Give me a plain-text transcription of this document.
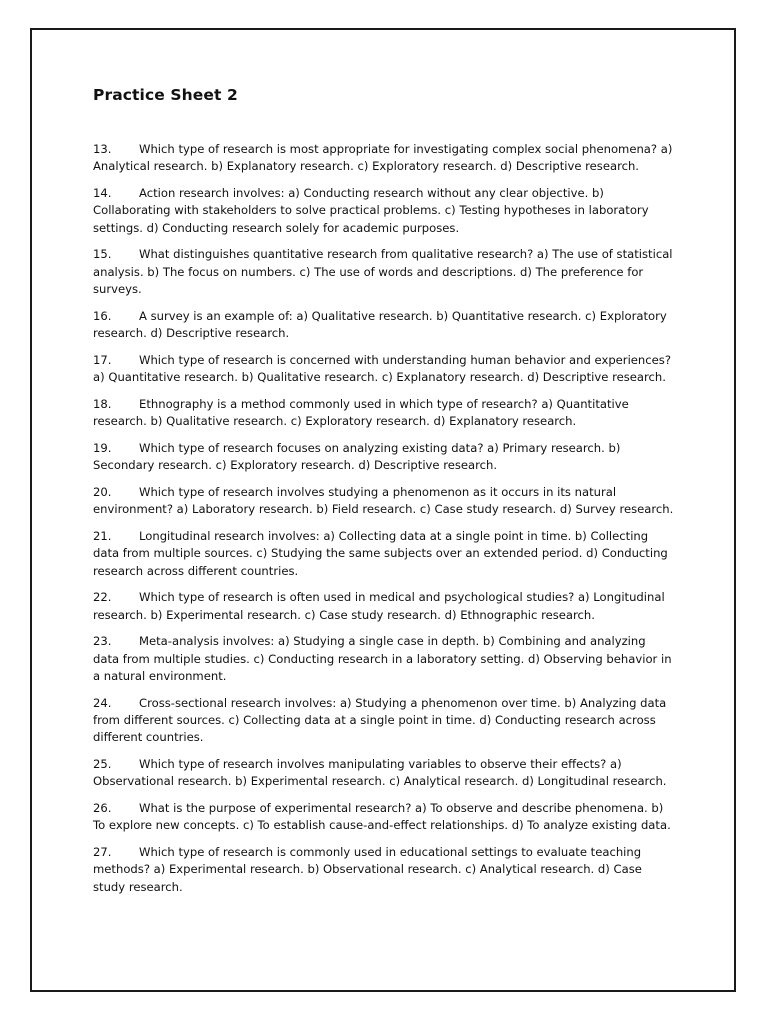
Practice Sheet 2

13. Which type of research is most appropriate for investigating complex social phenomena? a) Analytical research. b) Explanatory research. c) Exploratory research. d) Descriptive research.

14. Action research involves: a) Conducting research without any clear objective. b) Collaborating with stakeholders to solve practical problems. c) Testing hypotheses in laboratory settings. d) Conducting research solely for academic purposes.

15. What distinguishes quantitative research from qualitative research? a) The use of statistical analysis. b) The focus on numbers. c) The use of words and descriptions. d) The preference for surveys.

16. A survey is an example of: a) Qualitative research. b) Quantitative research. c) Exploratory research. d) Descriptive research.

17. Which type of research is concerned with understanding human behavior and experiences? a) Quantitative research. b) Qualitative research. c) Explanatory research. d) Descriptive research.

18. Ethnography is a method commonly used in which type of research? a) Quantitative research. b) Qualitative research. c) Exploratory research. d) Explanatory research.

19. Which type of research focuses on analyzing existing data? a) Primary research. b) Secondary research. c) Exploratory research. d) Descriptive research.

20. Which type of research involves studying a phenomenon as it occurs in its natural environment? a) Laboratory research. b) Field research. c) Case study research. d) Survey research.

21. Longitudinal research involves: a) Collecting data at a single point in time. b) Collecting data from multiple sources. c) Studying the same subjects over an extended period. d) Conducting research across different countries.

22. Which type of research is often used in medical and psychological studies? a) Longitudinal research. b) Experimental research. c) Case study research. d) Ethnographic research.

23. Meta-analysis involves: a) Studying a single case in depth. b) Combining and analyzing data from multiple studies. c) Conducting research in a laboratory setting. d) Observing behavior in a natural environment.

24. Cross-sectional research involves: a) Studying a phenomenon over time. b) Analyzing data from different sources. c) Collecting data at a single point in time. d) Conducting research across different countries.

25. Which type of research involves manipulating variables to observe their effects? a) Observational research. b) Experimental research. c) Analytical research. d) Longitudinal research.

26. What is the purpose of experimental research? a) To observe and describe phenomena. b) To explore new concepts. c) To establish cause-and-effect relationships. d) To analyze existing data.

27. Which type of research is commonly used in educational settings to evaluate teaching methods? a) Experimental research. b) Observational research. c) Analytical research. d) Case study research.
